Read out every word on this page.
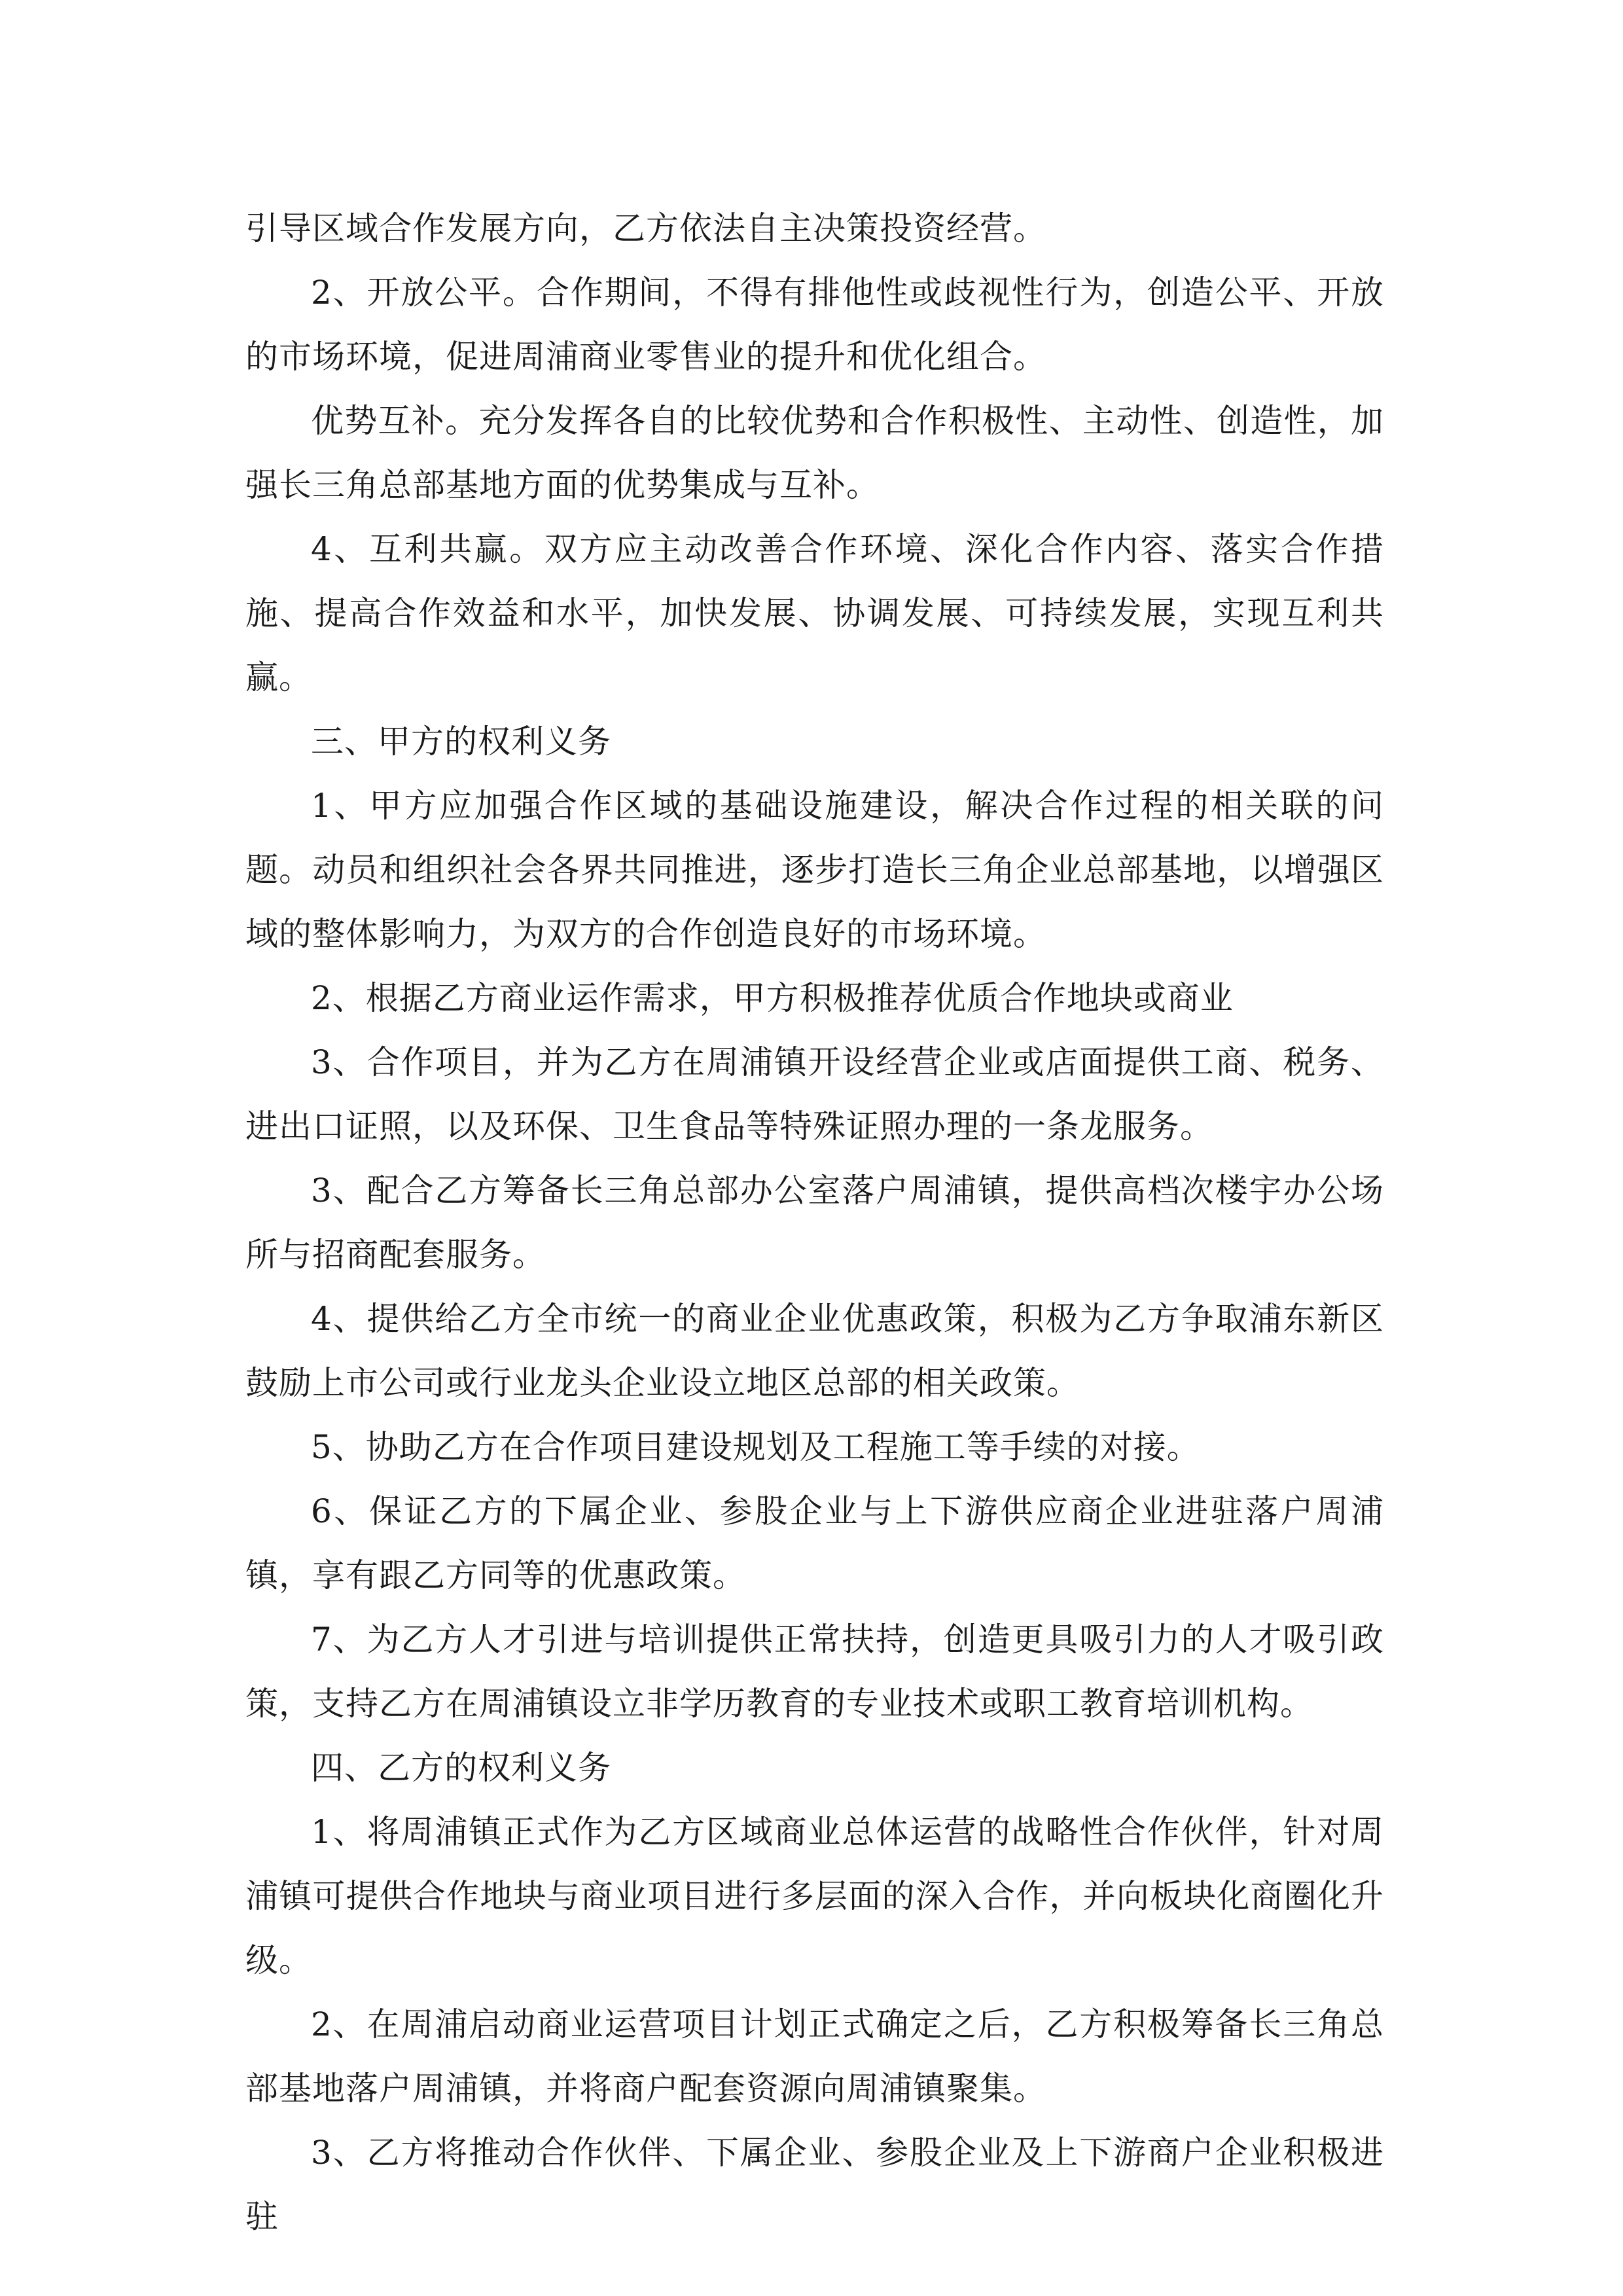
引导区域合作发展方向，乙方依法自主决策投资经营。

2、开放公平。合作期间，不得有排他性或歧视性行为，创造公平、开放的市场环境，促进周浦商业零售业的提升和优化组合。

优势互补。充分发挥各自的比较优势和合作积极性、主动性、创造性，加强长三角总部基地方面的优势集成与互补。

4、互利共赢。双方应主动改善合作环境、深化合作内容、落实合作措施、提高合作效益和水平，加快发展、协调发展、可持续发展，实现互利共赢。

三、甲方的权利义务

1、甲方应加强合作区域的基础设施建设，解决合作过程的相关联的问题。动员和组织社会各界共同推进，逐步打造长三角企业总部基地，以增强区域的整体影响力，为双方的合作创造良好的市场环境。

2、根据乙方商业运作需求，甲方积极推荐优质合作地块或商业

3、合作项目，并为乙方在周浦镇开设经营企业或店面提供工商、税务、进出口证照，以及环保、卫生食品等特殊证照办理的一条龙服务。

3、配合乙方筹备长三角总部办公室落户周浦镇，提供高档次楼宇办公场所与招商配套服务。

4、提供给乙方全市统一的商业企业优惠政策，积极为乙方争取浦东新区鼓励上市公司或行业龙头企业设立地区总部的相关政策。

5、协助乙方在合作项目建设规划及工程施工等手续的对接。

6、保证乙方的下属企业、参股企业与上下游供应商企业进驻落户周浦镇，享有跟乙方同等的优惠政策。

7、为乙方人才引进与培训提供正常扶持，创造更具吸引力的人才吸引政策，支持乙方在周浦镇设立非学历教育的专业技术或职工教育培训机构。

四、乙方的权利义务

1、将周浦镇正式作为乙方区域商业总体运营的战略性合作伙伴，针对周浦镇可提供合作地块与商业项目进行多层面的深入合作，并向板块化商圈化升级。

2、在周浦启动商业运营项目计划正式确定之后，乙方积极筹备长三角总部基地落户周浦镇，并将商户配套资源向周浦镇聚集。

3、乙方将推动合作伙伴、下属企业、参股企业及上下游商户企业积极进驻
